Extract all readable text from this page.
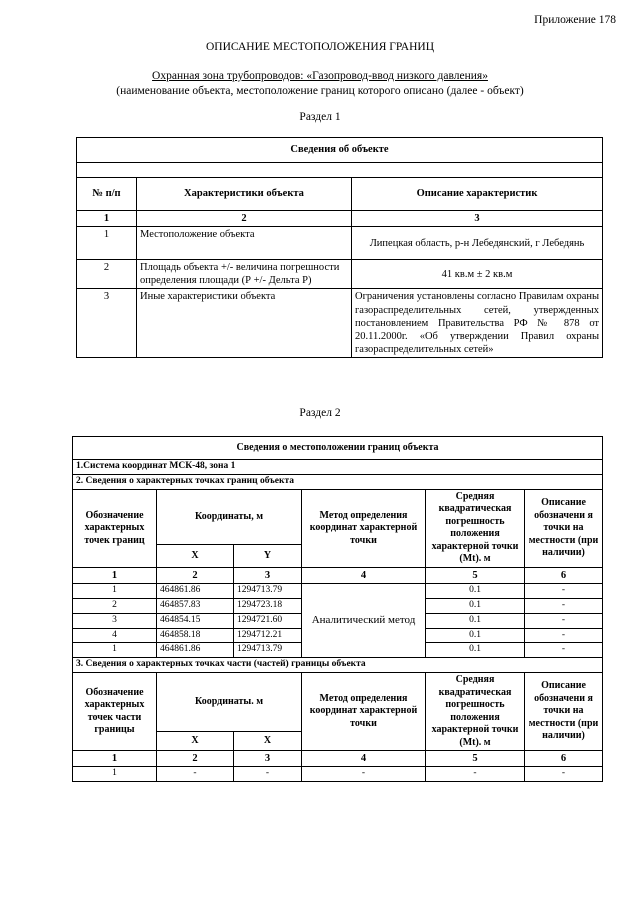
Приложение 178
ОПИСАНИЕ МЕСТОПОЛОЖЕНИЯ ГРАНИЦ
Охранная зона трубопроводов: «Газопровод-ввод низкого давления»
(наименование объекта, местоположение границ которого описано (далее - объект)
Раздел 1
Сведения об объекте		

№ п/п	Характеристики объекта	Описание характеристик
1	2	3
1	Местоположение объекта	Липецкая область, р-н Лебедянский, г Лебедянь
2	Площадь объекта +/- величина погрешности определения площади (Р +/- Дельта Р)	41 кв.м ± 2 кв.м
3	Иные характеристики объекта	Ограничения установлены согласно Правилам охраны газораспределительных сетей, утвержденных постановлением Правительства РФ № 878 от 20.11.2000г. «Об утверждении Правил охраны газораспределительных сетей»
Раздел 2
Сведения о местоположении границ объекта					
1.Система координат МСК-48, зона 1					
2. Сведения о характерных точках границ объекта					
Обозначение характерных точек границ	Координаты, м		Метод определения координат характерной точки	Средняя квадратическая погрешность положения характерной точки (Mt). м	Описание обозначени я точки на местности (при наличии)
	X	Y			
1	2	3	4	5	6
1	464861.86	1294713.79	Аналитический метод	0.1	-
2	464857.83	1294723.18		0.1	-
3	464854.15	1294721.60		0.1	-
4	464858.18	1294712.21		0.1	-
1	464861.86	1294713.79		0.1	-
3. Сведения о характерных точках части (частей) границы объекта					
Обозначение характерных точек части границы	Координаты. м		Метод определения координат характерной точки	Средняя квадратическая погрешность положения характерной точки (Mt). м	Описание обозначени я точки на местности (при наличии)
	X	X			
1	2	3	4	5	6
1	-	-	-	-	-
